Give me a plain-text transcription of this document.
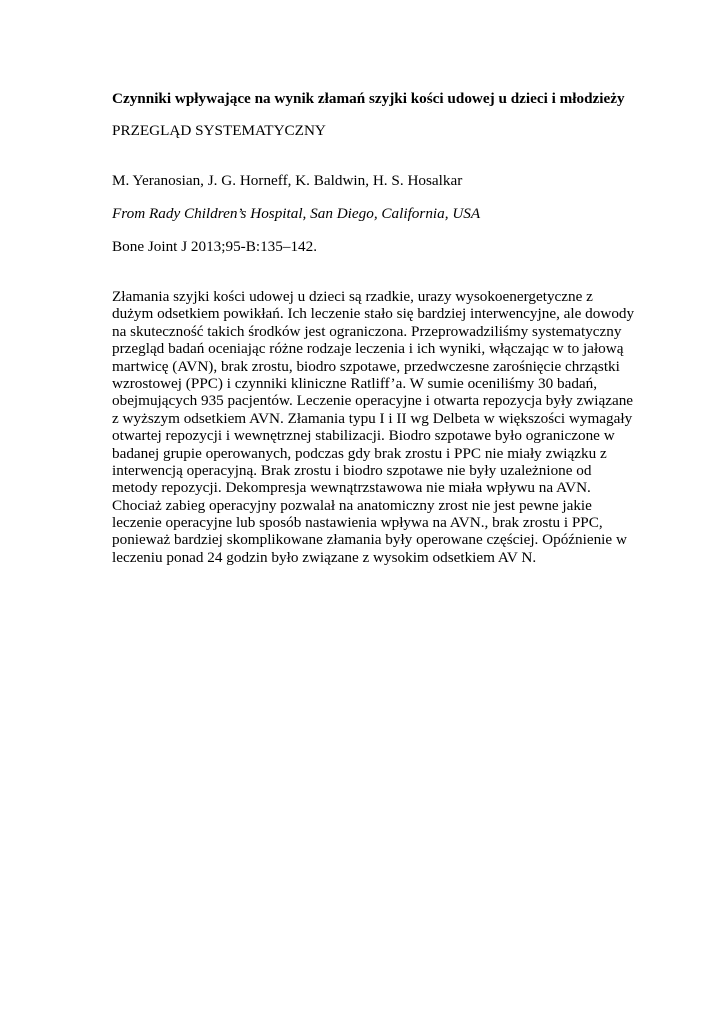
Czynniki wpływające na wynik złamań szyjki kości udowej u dzieci i młodzieży
PRZEGLĄD SYSTEMATYCZNY
M. Yeranosian, J. G. Horneff, K. Baldwin, H. S. Hosalkar
From Rady Children’s Hospital, San Diego, California, USA
Bone Joint J 2013;95-B:135–142.
Złamania szyjki kości udowej u dzieci są rzadkie, urazy wysokoenergetyczne z
dużym odsetkiem powikłań. Ich leczenie stało się bardziej interwencyjne, ale dowody
na skuteczność takich środków jest ograniczona. Przeprowadziliśmy systematyczny
przegląd badań oceniając różne rodzaje leczenia i ich wyniki, włączając w to jałową
martwicę (AVN), brak zrostu, biodro szpotawe, przedwczesne zarośnięcie chrząstki
wzrostowej (PPC) i czynniki kliniczne Ratliff’a. W sumie oceniliśmy 30 badań,
obejmujących 935 pacjentów. Leczenie operacyjne i otwarta repozycja były związane
z wyższym odsetkiem AVN. Złamania typu I i II wg Delbeta w większości wymagały
otwartej repozycji i wewnętrznej stabilizacji. Biodro szpotawe było ograniczone w
badanej grupie operowanych, podczas gdy brak zrostu i PPC nie miały związku z
interwencją operacyjną. Brak zrostu i biodro szpotawe nie były uzależnione od
metody repozycji. Dekompresja wewnątrzstawowa nie miała wpływu na AVN.
Chociaż zabieg operacyjny pozwalał na anatomiczny zrost nie jest pewne jakie
leczenie operacyjne lub sposób nastawienia wpływa na AVN., brak zrostu i PPC,
ponieważ bardziej skomplikowane złamania były operowane częściej. Opóźnienie w
leczeniu ponad 24 godzin było związane z wysokim odsetkiem AV N.
